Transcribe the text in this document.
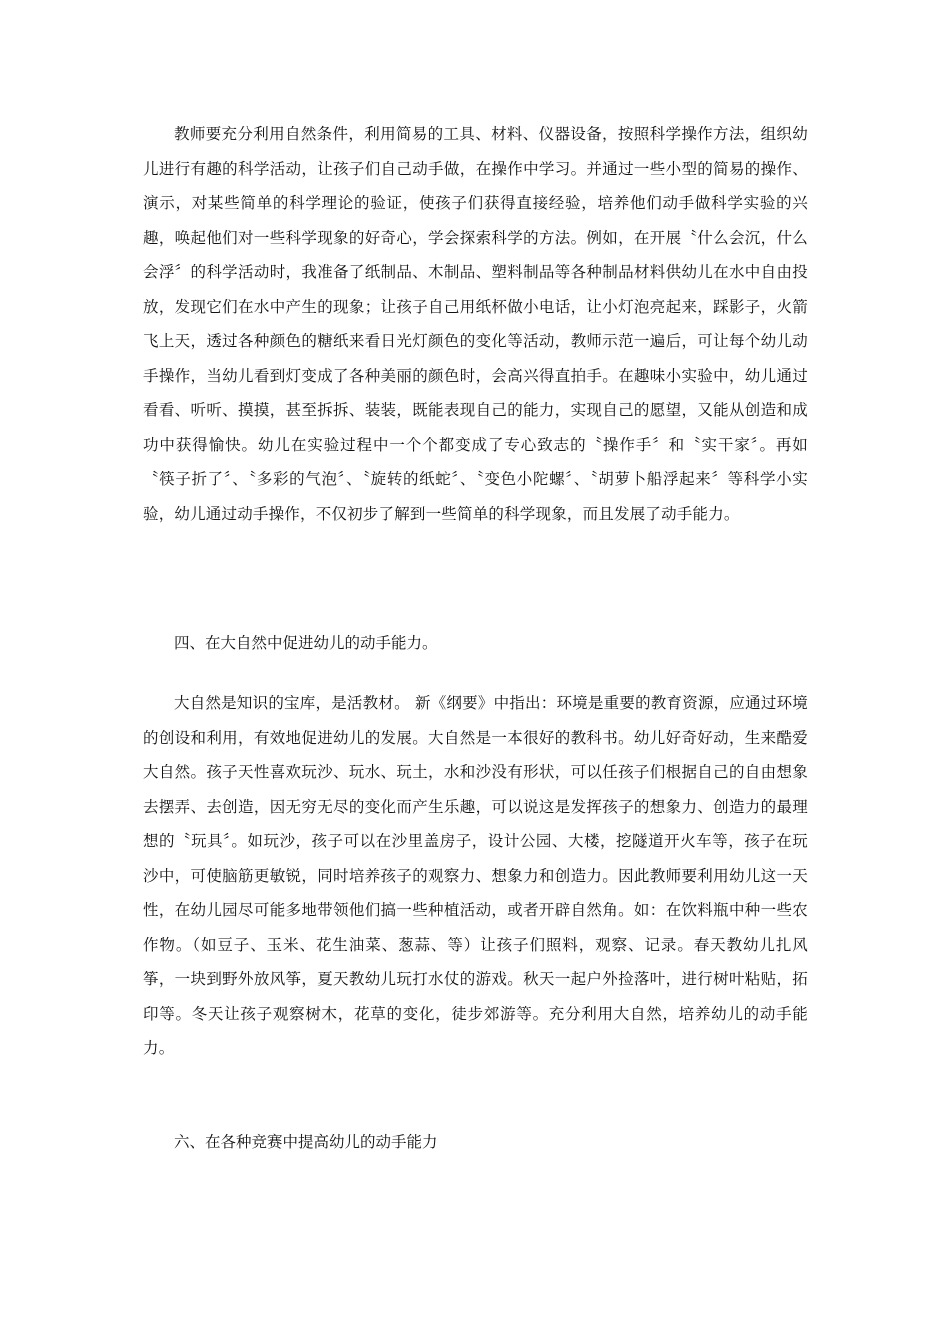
教师要充分利用自然条件，利用简易的工具、材料、仪器设备，按照科学操作方法，组织幼儿进行有趣的科学活动，让孩子们自己动手做，在操作中学习。并通过一些小型的简易的操作、演示，对某些简单的科学理论的验证，使孩子们获得直接经验，培养他们动手做科学实验的兴趣，唤起他们对一些科学现象的好奇心，学会探索科学的方法。例如，在开展〝什么会沉，什么会浮〞的科学活动时，我准备了纸制品、木制品、塑料制品等各种制品材料供幼儿在水中自由投放，发现它们在水中产生的现象；让孩子自己用纸杯做小电话，让小灯泡亮起来，踩影子，火箭飞上天，透过各种颜色的糖纸来看日光灯颜色的变化等活动，教师示范一遍后，可让每个幼儿动手操作，当幼儿看到灯变成了各种美丽的颜色时，会高兴得直拍手。在趣味小实验中，幼儿通过看看、听听、摸摸，甚至拆拆、装装，既能表现自己的能力，实现自己的愿望，又能从创造和成功中获得愉快。幼儿在实验过程中一个个都变成了专心致志的〝操作手〞和〝实干家〞。再如〝筷子折了〞、〝多彩的气泡〞、〝旋转的纸蛇〞、〝变色小陀螺〞、〝胡萝卜船浮起来〞等科学小实验，幼儿通过动手操作，不仅初步了解到一些简单的科学现象，而且发展了动手能力。

四、在大自然中促进幼儿的动手能力。

大自然是知识的宝库，是活教材。 新《纲要》中指出：环境是重要的教育资源，应通过环境的创设和利用，有效地促进幼儿的发展。大自然是一本很好的教科书。幼儿好奇好动，生来酷爱大自然。孩子天性喜欢玩沙、玩水、玩土，水和沙没有形状，可以任孩子们根据自己的自由想象去摆弄、去创造，因无穷无尽的变化而产生乐趣，可以说这是发挥孩子的想象力、创造力的最理想的〝玩具〞。如玩沙，孩子可以在沙里盖房子，设计公园、大楼，挖隧道开火车等，孩子在玩沙中，可使脑筋更敏锐，同时培养孩子的观察力、想象力和创造力。因此教师要利用幼儿这一天性，在幼儿园尽可能多地带领他们搞一些种植活动，或者开辟自然角。如：在饮料瓶中种一些农作物。（如豆子、玉米、花生油菜、葱蒜、等）让孩子们照料，观察、记录。春天教幼儿扎风筝，一块到野外放风筝，夏天教幼儿玩打水仗的游戏。秋天一起户外捡落叶，进行树叶粘贴，拓印等。冬天让孩子观察树木，花草的变化，徒步郊游等。充分利用大自然，培养幼儿的动手能力。

六、在各种竞赛中提高幼儿的动手能力
